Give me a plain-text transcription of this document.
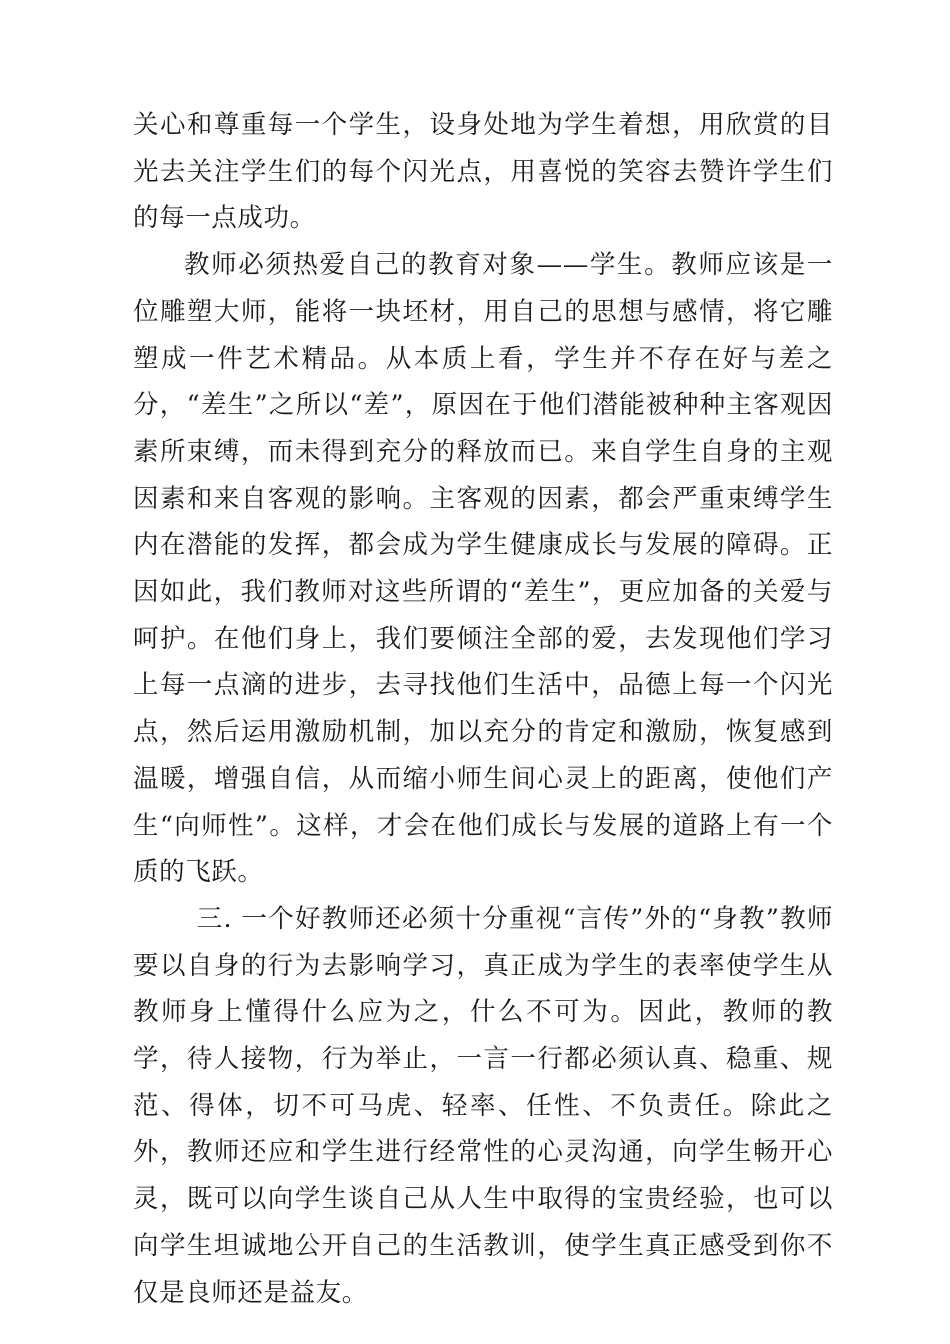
关心和尊重每一个学生，设身处地为学生着想，用欣赏的目光去关注学生们的每个闪光点，用喜悦的笑容去赞许学生们的每一点成功。

教师必须热爱自己的教育对象——学生。教师应该是一位雕塑大师，能将一块坯材，用自己的思想与感情，将它雕塑成一件艺术精品。从本质上看，学生并不存在好与差之分，“差生”之所以“差”，原因在于他们潜能被种种主客观因素所束缚，而未得到充分的释放而已。来自学生自身的主观因素和来自客观的影响。主客观的因素，都会严重束缚学生内在潜能的发挥，都会成为学生健康成长与发展的障碍。正因如此，我们教师对这些所谓的“差生”，更应加备的关爱与呵护。在他们身上，我们要倾注全部的爱，去发现他们学习上每一点滴的进步，去寻找他们生活中，品德上每一个闪光点，然后运用激励机制，加以充分的肯定和激励，恢复感到温暖，增强自信，从而缩小师生间心灵上的距离，使他们产生“向师性”。这样，才会在他们成长与发展的道路上有一个质的飞跃。

三. 一个好教师还必须十分重视“言传”外的“身教”教师要以自身的行为去影响学习，真正成为学生的表率使学生从教师身上懂得什么应为之，什么不可为。因此，教师的教学，待人接物，行为举止，一言一行都必须认真、稳重、规范、得体，切不可马虎、轻率、任性、不负责任。除此之外，教师还应和学生进行经常性的心灵沟通，向学生畅开心灵，既可以向学生谈自己从人生中取得的宝贵经验，也可以向学生坦诚地公开自己的生活教训，使学生真正感受到你不仅是良师还是益友。
